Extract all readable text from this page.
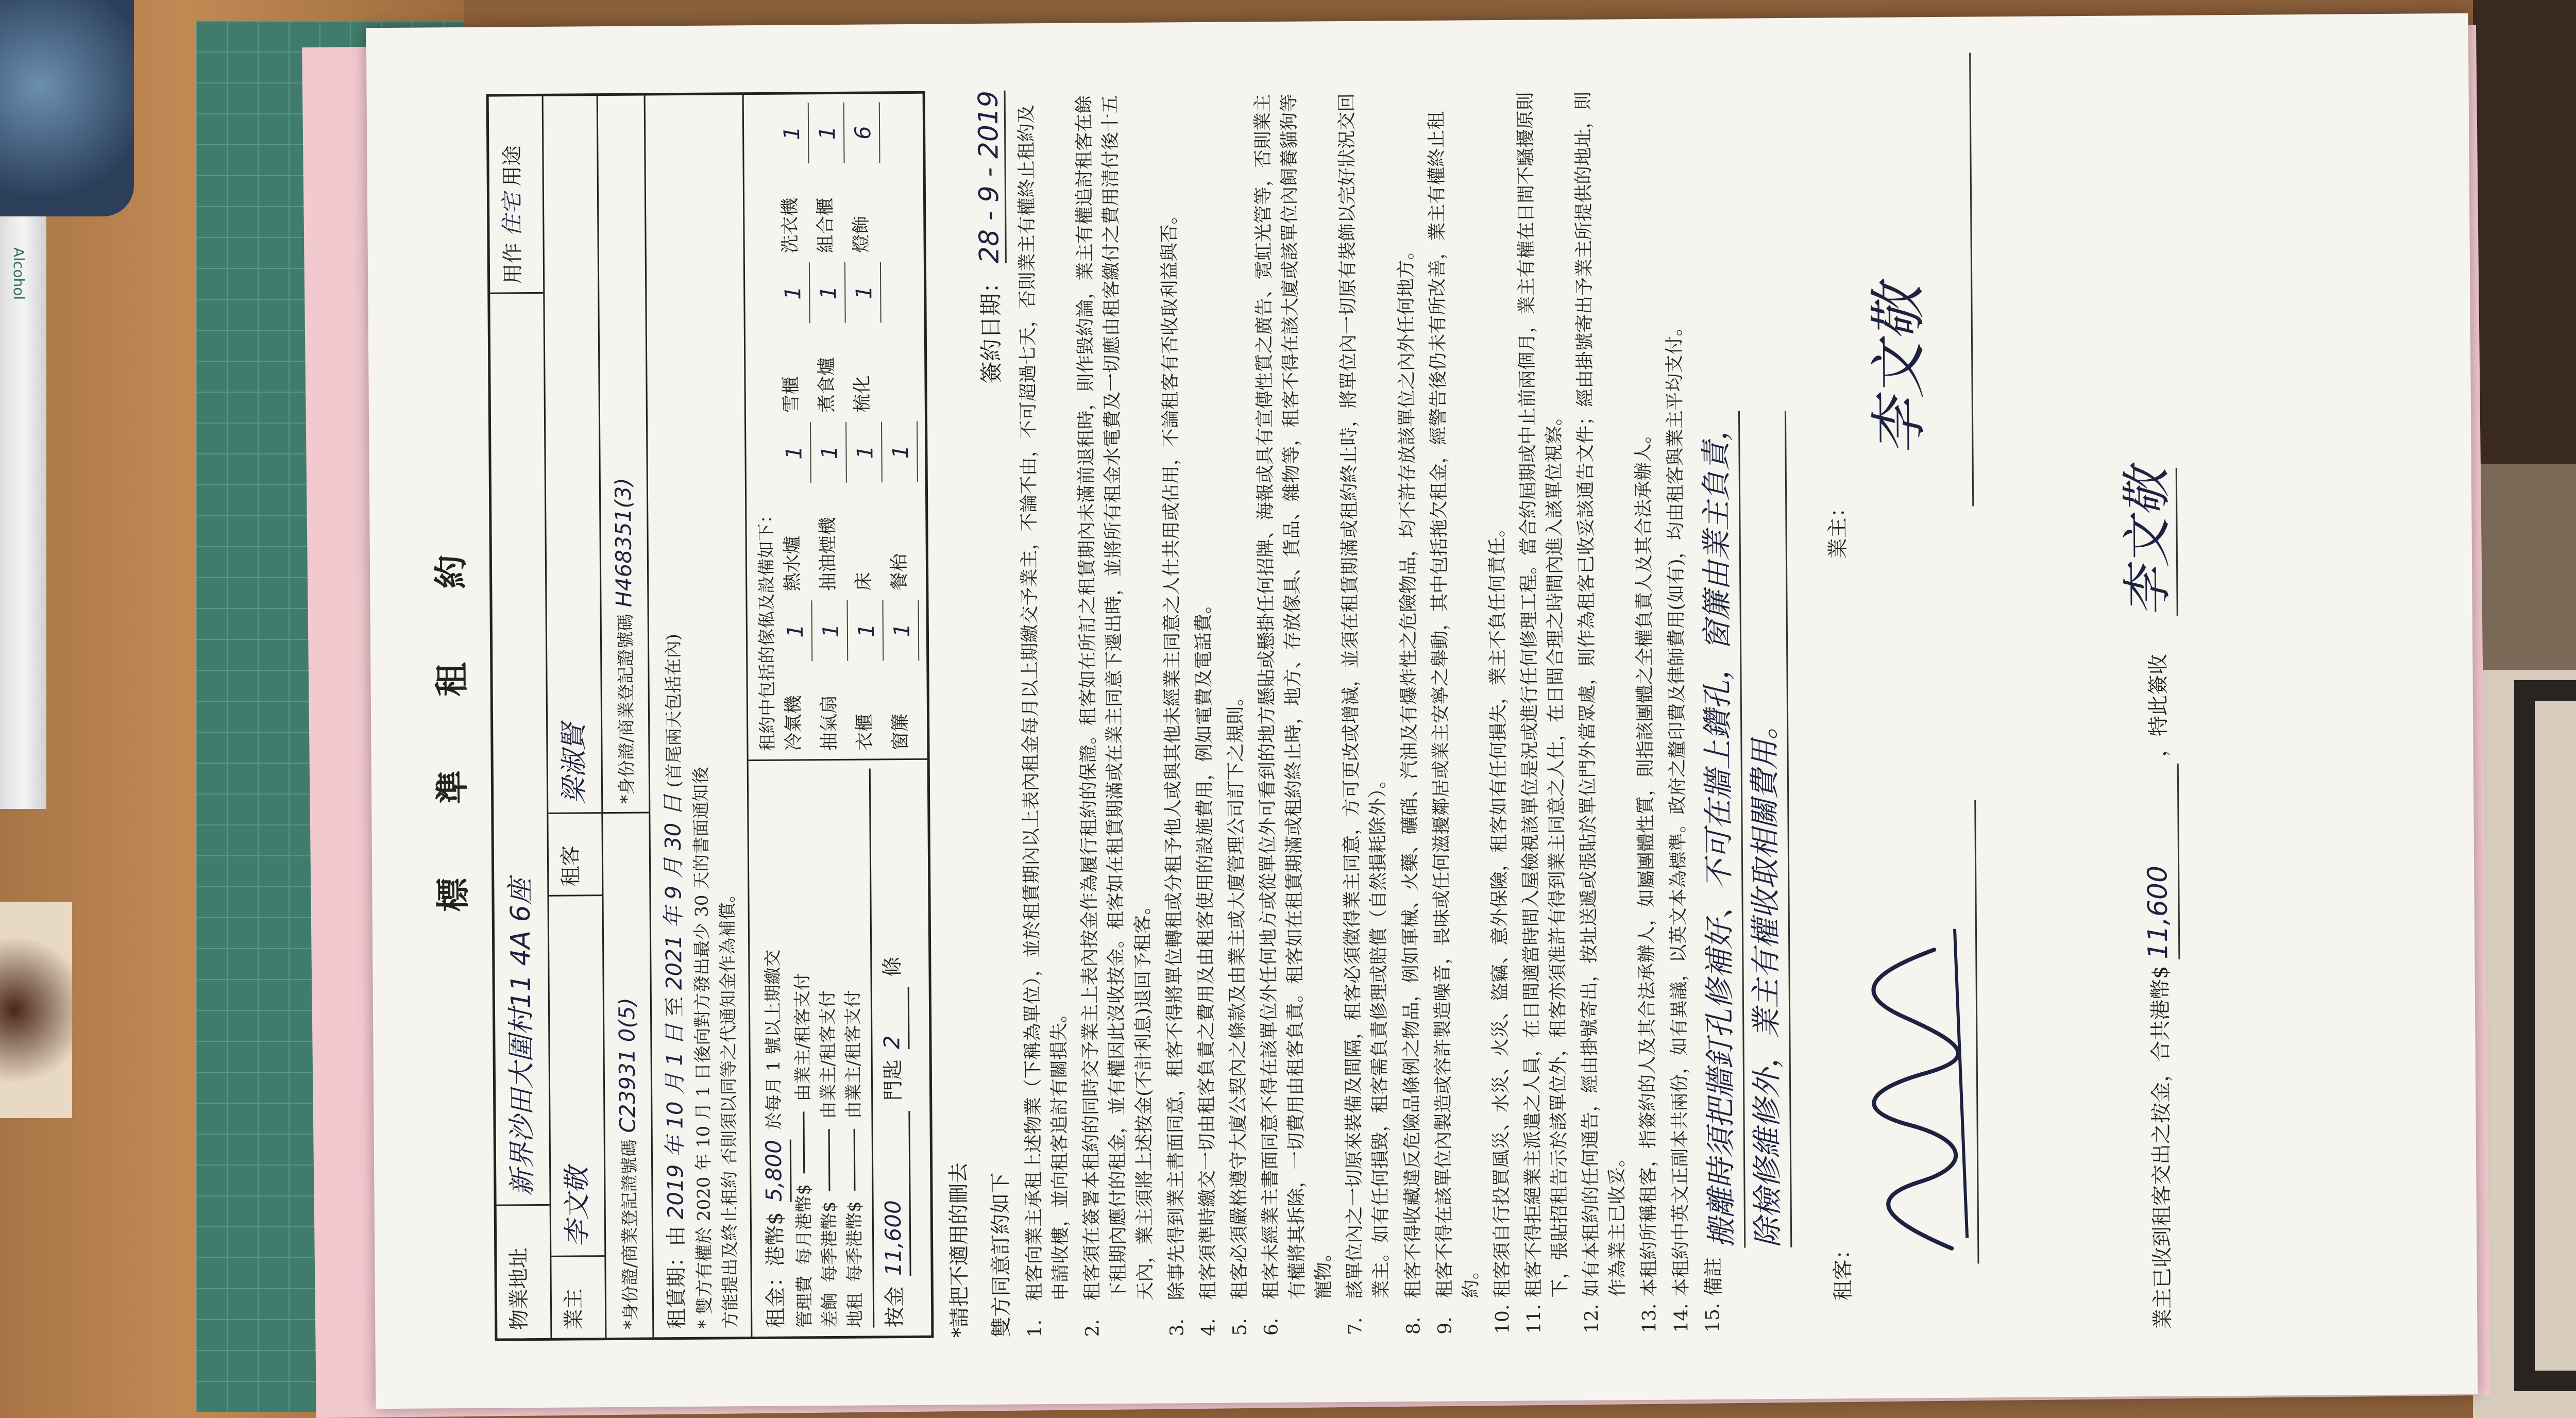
Alcohol
標 準 租 約
物業地址
新界沙田大圍村11 4A 6座
用作 住宅 用途
業主
李文敬
租客
梁淑賢
*身份證/商業登記證號碼 C23931 0(5)
*身份證/商業登記證號碼 H468351(3)
租賃期：由 2019 年 10 月 1 日 至 2021 年 9 月 30 日 (首尾兩天包括在內)
* 雙方有權於 2020 年 10 月 1 日後向對方發出最少 30 天的書面通知後 方能提出及終止租約 否則須以同等之代通知金作為補償。
租金：港幣$
5,800
於每月 1 號以上期繳交
管理費
每月港幣$
由業主/租客支付
差餉
每季港幣$
由業主/租客支付
地租
每季港幣$
由業主/租客支付
按金
11,600
門匙
2
條
租約中包括的傢俬及設備如下： 冷氣機
1
熱水爐
1
雪櫃
1
洗衣機
1
抽氣扇
1
抽油煙機
1
煮食爐
1
組合櫃
1
衣櫃
1
床
1
梳化
1
燈飾
6
窗簾
1
餐枱
1
*請把不適用的刪去 雙方同意訂約如下
簽約日期： 28 - 9 - 2019
1.
租客向業主承租上述物業（下稱為單位），並於租賃期內以上表內租金每月以上期繳交予業主，不論不由，不可超過七天，否則業主有權終止租約及申請收樓，並向租客追討有關損失。
2.
租客須在簽署本租約的同時交予業主上表內按金作為履行租約的保證。租客如在所訂之租賃期內未滿前退租時，則作毀約論，業主有權追討租客在餘下租期內應付的租金，並有權因此沒收按金。租客如在租賃期滿或在業主同意下遷出時，並將所有租金水電費及一切應由租客繳付之費用清付後十五天內，業主須將上述按金(不計利息)退回予租客。
3.
除事先得到業主書面同意，租客不得將單位轉租或分租予他人或與其他未經業主同意之人仕共用或佔用，不論租客有否收取利益與否。
4.
租客須準時繳交一切由租客負責之費用及由租客使用的設施費用，例如電費及電話費。
5.
租客必須嚴格遵守大廈公契內之條款及由業主或大廈管理公司訂下之規則。
6.
租客未經業主書面同意不得在該單位外任何地方或從單位外可看到的地方懸貼或懸掛任何招牌、海報或具有宣傳性質之廣告、霓虹光管等，否則業主有權將其拆除，一切費用由租客負責。租客如在租賃期滿或租約終止時，地方、存放傢具、貨品、雜物等，租客不得在該大廈或該單位內飼養貓狗等寵物。
7.
該單位內之一切原來裝備及間隔，租客必須徵得業主同意，方可更改或增減，並須在租賃期滿或租約終止時，將單位內一切原有裝飾以完好狀況交回業主。如有任何損毀，租客需負責修理或賠償（自然損耗除外）。
8.
租客不得收藏違反危險品條例之物品，例如軍械、火藥、礦硝、汽油及有爆炸性之危險物品，均不許存放該單位之內外任何地方。
9.
租客不得在該單位內製造或容許製造噪音，畏味或任何滋擾鄰居或業主安寧之舉動，其中包括拖欠租金，經警告後仍未有所改善，業主有權終止租約。
10.
租客須自行投買風災、水災、火災、盜竊、意外保險，租客如有任何損失，業主不負任何責任。
11.
租客不得拒絕業主派遣之人員，在日間適當時間入屋檢視該單位是況或進行任何修理工程。當合約屆期或中止前兩個月，業主有權在日間不騷擾原則下，張貼招租告示於該單位外，租客亦須准許有得到業主同意之人仕，在日間合理之時間內進入該單位視察。
12.
如有本租約的任何通告，經由掛號寄出，按址送遞或張貼於單位門外當眾處，則作為租客已收妥該通告文件；經由掛號寄出予業主所提供的地址，則作為業主已收妥。
13.
本租約所稱租客，指簽約的人及其合法承辦人，如屬團體性質，則指該團體之全權負責人及其合法承辦人。
14.
本租約中英文正副本共兩份，如有異議，以英文本為標準。政府之釐印費及律師費用(如有)，均由租客與業主平均支付。
15.
備註
搬離時須把牆釘孔修補好、不可在牆上鑽孔，窗簾由業主負責， 除檢修維修外，業主有權收取相關費用。
租客：
業主：
李文敬
業主已收到租客交出之按金，合共港幣$ 11,600 ，特此簽收 李文敬
